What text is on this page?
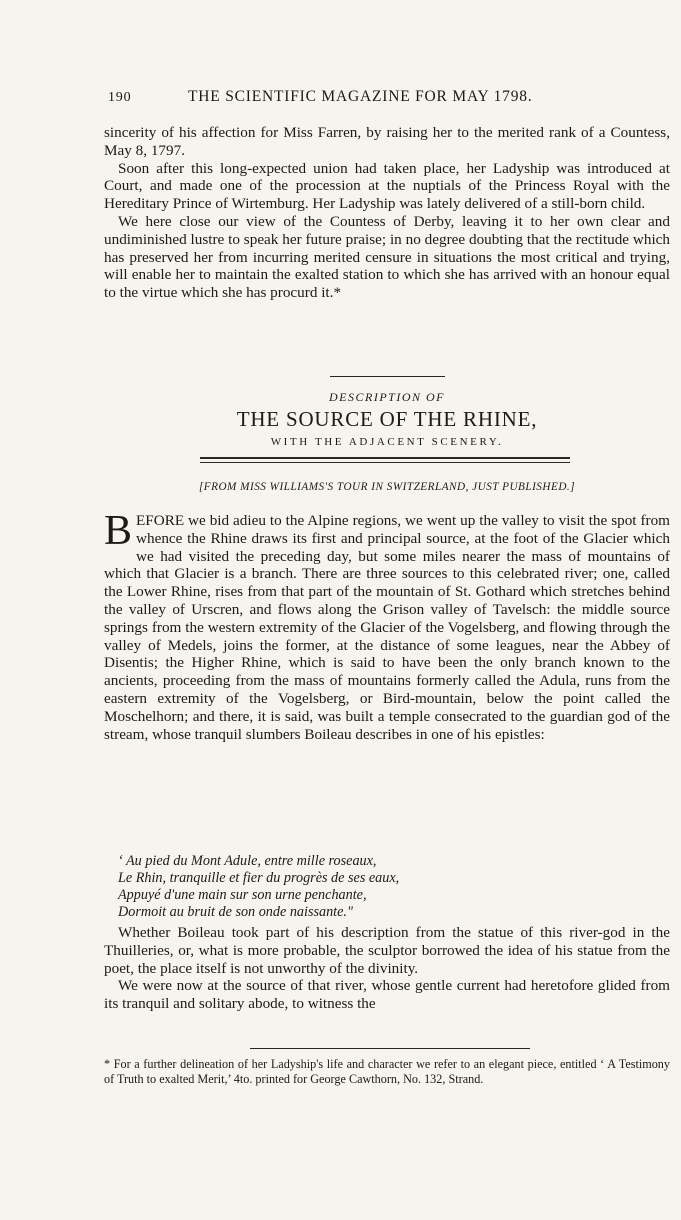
190	THE SCIENTIFIC MAGAZINE FOR MAY 1798.

sincerity of his affection for Miss Farren, by raising her to the merited rank of a Countess, May 8, 1797.

Soon after this long-expected union had taken place, her Ladyship was introduced at Court, and made one of the procession at the nuptials of the Princess Royal with the Hereditary Prince of Wirtemburg. Her Ladyship was lately delivered of a still-born child.

We here close our view of the Countess of Derby, leaving it to her own clear and undiminished lustre to speak her future praise; in no degree doubting that the rectitude which has preserved her from incurring merited censure in situations the most critical and trying, will enable her to maintain the exalted station to which she has arrived with an honour equal to the virtue which she has procurd it.*

DESCRIPTION OF
THE SOURCE OF THE RHINE,
WITH THE ADJACENT SCENERY.
[FROM MISS WILLIAMS'S TOUR IN SWITZERLAND, JUST PUBLISHED.]

BEFORE we bid adieu to the Alpine regions, we went up the valley to visit the spot from whence the Rhine draws its first and principal source, at the foot of the Glacier which we had visited the preceding day, but some miles nearer the mass of mountains of which that Glacier is a branch. There are three sources to this celebrated river; one, called the Lower Rhine, rises from that part of the mountain of St. Gothard which stretches behind the valley of Urscren, and flows along the Grison valley of Tavelsch: the middle source springs from the western extremity of the Glacier of the Vogelsberg, and flowing through the valley of Medels, joins the former, at the distance of some leagues, near the Abbey of Disentis; the Higher Rhine, which is said to have been the only branch known to the ancients, proceeding from the mass of mountains formerly called the Adula, runs from the eastern extremity of the Vogelsberg, or Bird-mountain, below the point called the Moschelhorn; and there, it is said, was built a temple consecrated to the guardian god of the stream, whose tranquil slumbers Boileau describes in one of his epistles:

‘ Au pied du Mont Adule, entre mille roseaux,
Le Rhin, tranquille et fier du progrès de ses eaux,
Appuyé d'une main sur son urne penchante,
Dormoit au bruit de son onde naissante."

Whether Boileau took part of his description from the statue of this river-god in the Thuilleries, or, what is more probable, the sculptor borrowed the idea of his statue from the poet, the place itself is not unworthy of the divinity.

We were now at the source of that river, whose gentle current had heretofore glided from its tranquil and solitary abode, to witness the

* For a further delineation of her Ladyship's life and character we refer to an elegant piece, entitled ‘ A Testimony of Truth to exalted Merit,’ 4to. printed for George Cawthorn, No. 132, Strand.
